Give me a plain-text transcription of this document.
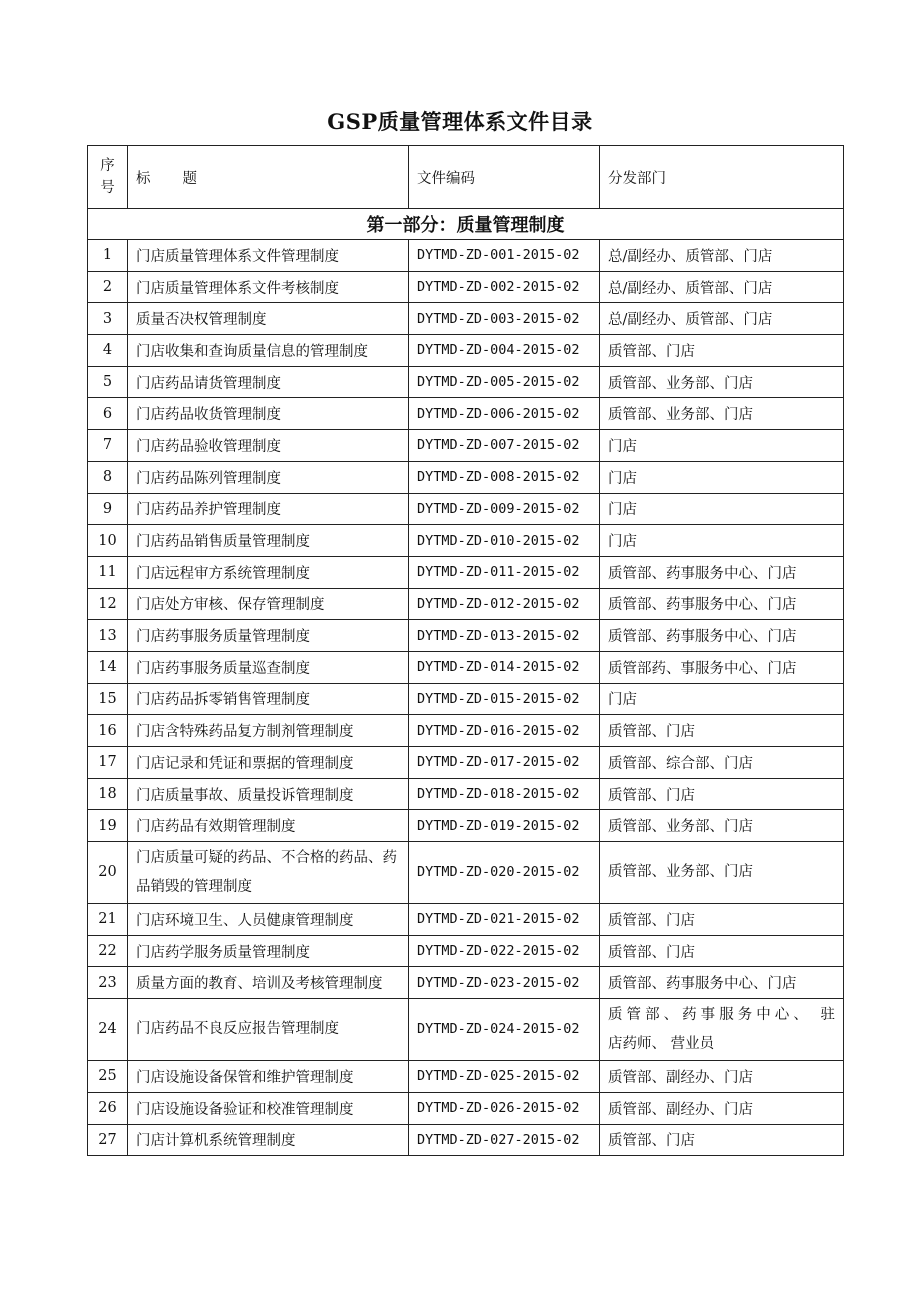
GSP质量管理体系文件目录
序
号	标 题	文件编码	分发部门
第一部分：质量管理制度			
1	门店质量管理体系文件管理制度	DYTMD-ZD-001-2015-02	总/副经办、质管部、门店
2	门店质量管理体系文件考核制度	DYTMD-ZD-002-2015-02	总/副经办、质管部、门店
3	质量否决权管理制度	DYTMD-ZD-003-2015-02	总/副经办、质管部、门店
4	门店收集和查询质量信息的管理制度	DYTMD-ZD-004-2015-02	质管部、门店
5	门店药品请货管理制度	DYTMD-ZD-005-2015-02	质管部、业务部、门店
6	门店药品收货管理制度	DYTMD-ZD-006-2015-02	质管部、业务部、门店
7	门店药品验收管理制度	DYTMD-ZD-007-2015-02	门店
8	门店药品陈列管理制度	DYTMD-ZD-008-2015-02	门店
9	门店药品养护管理制度	DYTMD-ZD-009-2015-02	门店
10	门店药品销售质量管理制度	DYTMD-ZD-010-2015-02	门店
11	门店远程审方系统管理制度	DYTMD-ZD-011-2015-02	质管部、药事服务中心、门店
12	门店处方审核、保存管理制度	DYTMD-ZD-012-2015-02	质管部、药事服务中心、门店
13	门店药事服务质量管理制度	DYTMD-ZD-013-2015-02	质管部、药事服务中心、门店
14	门店药事服务质量巡查制度	DYTMD-ZD-014-2015-02	质管部药、事服务中心、门店
15	门店药品拆零销售管理制度	DYTMD-ZD-015-2015-02	门店
16	门店含特殊药品复方制剂管理制度	DYTMD-ZD-016-2015-02	质管部、门店
17	门店记录和凭证和票据的管理制度	DYTMD-ZD-017-2015-02	质管部、综合部、门店
18	门店质量事故、质量投诉管理制度	DYTMD-ZD-018-2015-02	质管部、门店
19	门店药品有效期管理制度	DYTMD-ZD-019-2015-02	质管部、业务部、门店
20	门店质量可疑的药品、不合格的药品、药品销毁的管理制度	DYTMD-ZD-020-2015-02	质管部、业务部、门店
21	门店环境卫生、人员健康管理制度	DYTMD-ZD-021-2015-02	质管部、门店
22	门店药学服务质量管理制度	DYTMD-ZD-022-2015-02	质管部、门店
23	质量方面的教育、培训及考核管理制度	DYTMD-ZD-023-2015-02	质管部、药事服务中心、门店
24	门店药品不良反应报告管理制度	DYTMD-ZD-024-2015-02	质管部、药事服务中心、 驻
店药师、 营业员

25	门店设施设备保管和维护管理制度	DYTMD-ZD-025-2015-02	质管部、副经办、门店
26	门店设施设备验证和校准管理制度	DYTMD-ZD-026-2015-02	质管部、副经办、门店
27	门店计算机系统管理制度	DYTMD-ZD-027-2015-02	质管部、门店
